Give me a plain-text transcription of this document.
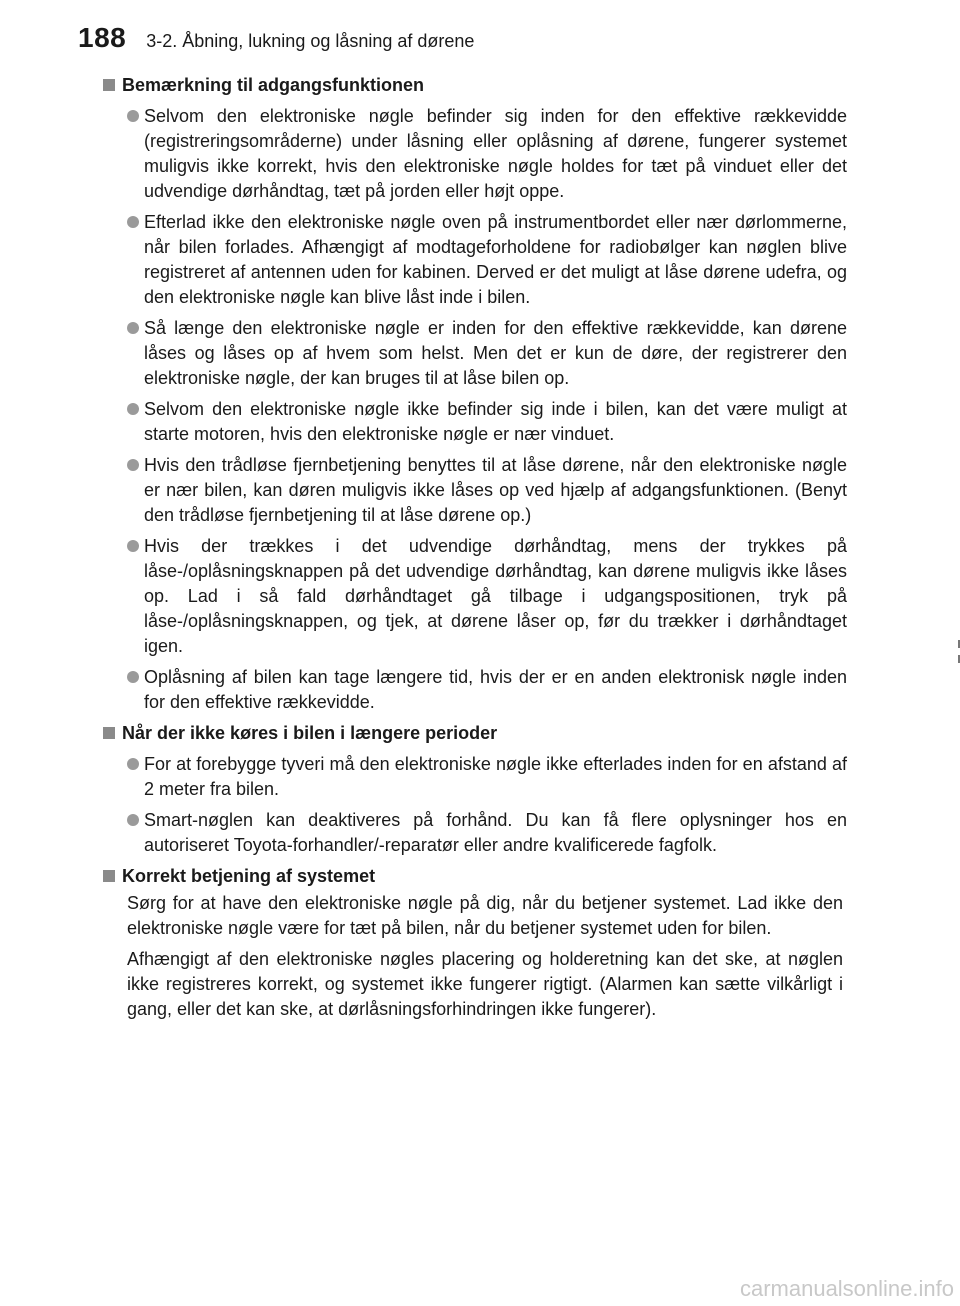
188 3-2. Åbning, lukning og låsning af dørene
Bemærkning til adgangsfunktionen
Selvom den elektroniske nøgle befinder sig inden for den effektive rækkevidde (registreringsområderne) under låsning eller oplåsning af dørene, fungerer systemet muligvis ikke korrekt, hvis den elektroniske nøgle holdes for tæt på vinduet eller det udvendige dørhåndtag, tæt på jorden eller højt oppe.
Efterlad ikke den elektroniske nøgle oven på instrumentbordet eller nær dørlommerne, når bilen forlades. Afhængigt af modtageforholdene for radiobølger kan nøglen blive registreret af antennen uden for kabinen. Derved er det muligt at låse dørene udefra, og den elektroniske nøgle kan blive låst inde i bilen.
Så længe den elektroniske nøgle er inden for den effektive rækkevidde, kan dørene låses og låses op af hvem som helst. Men det er kun de døre, der registrerer den elektroniske nøgle, der kan bruges til at låse bilen op.
Selvom den elektroniske nøgle ikke befinder sig inde i bilen, kan det være muligt at starte motoren, hvis den elektroniske nøgle er nær vinduet.
Hvis den trådløse fjernbetjening benyttes til at låse dørene, når den elektroniske nøgle er nær bilen, kan døren muligvis ikke låses op ved hjælp af adgangsfunktionen. (Benyt den trådløse fjernbetjening til at låse dørene op.)
Hvis der trækkes i det udvendige dørhåndtag, mens der trykkes på låse-/oplåsningsknappen på det udvendige dørhåndtag, kan dørene muligvis ikke låses op. Lad i så fald dørhåndtaget gå tilbage i udgangspositionen, tryk på låse-/oplåsningsknappen, og tjek, at dørene låser op, før du trækker i dørhåndtaget igen.
Oplåsning af bilen kan tage længere tid, hvis der er en anden elektronisk nøgle inden for den effektive rækkevidde.
Når der ikke køres i bilen i længere perioder
For at forebygge tyveri må den elektroniske nøgle ikke efterlades inden for en afstand af 2 meter fra bilen.
Smart-nøglen kan deaktiveres på forhånd. Du kan få flere oplysninger hos en autoriseret Toyota-forhandler/-reparatør eller andre kvalificerede fagfolk.
Korrekt betjening af systemet
Sørg for at have den elektroniske nøgle på dig, når du betjener systemet. Lad ikke den elektroniske nøgle være for tæt på bilen, når du betjener systemet uden for bilen.
Afhængigt af den elektroniske nøgles placering og holderetning kan det ske, at nøglen ikke registreres korrekt, og systemet ikke fungerer rigtigt. (Alarmen kan sætte vilkårligt i gang, eller det kan ske, at dørlåsningsforhindringen ikke fungerer).
carmanualsonline.info
